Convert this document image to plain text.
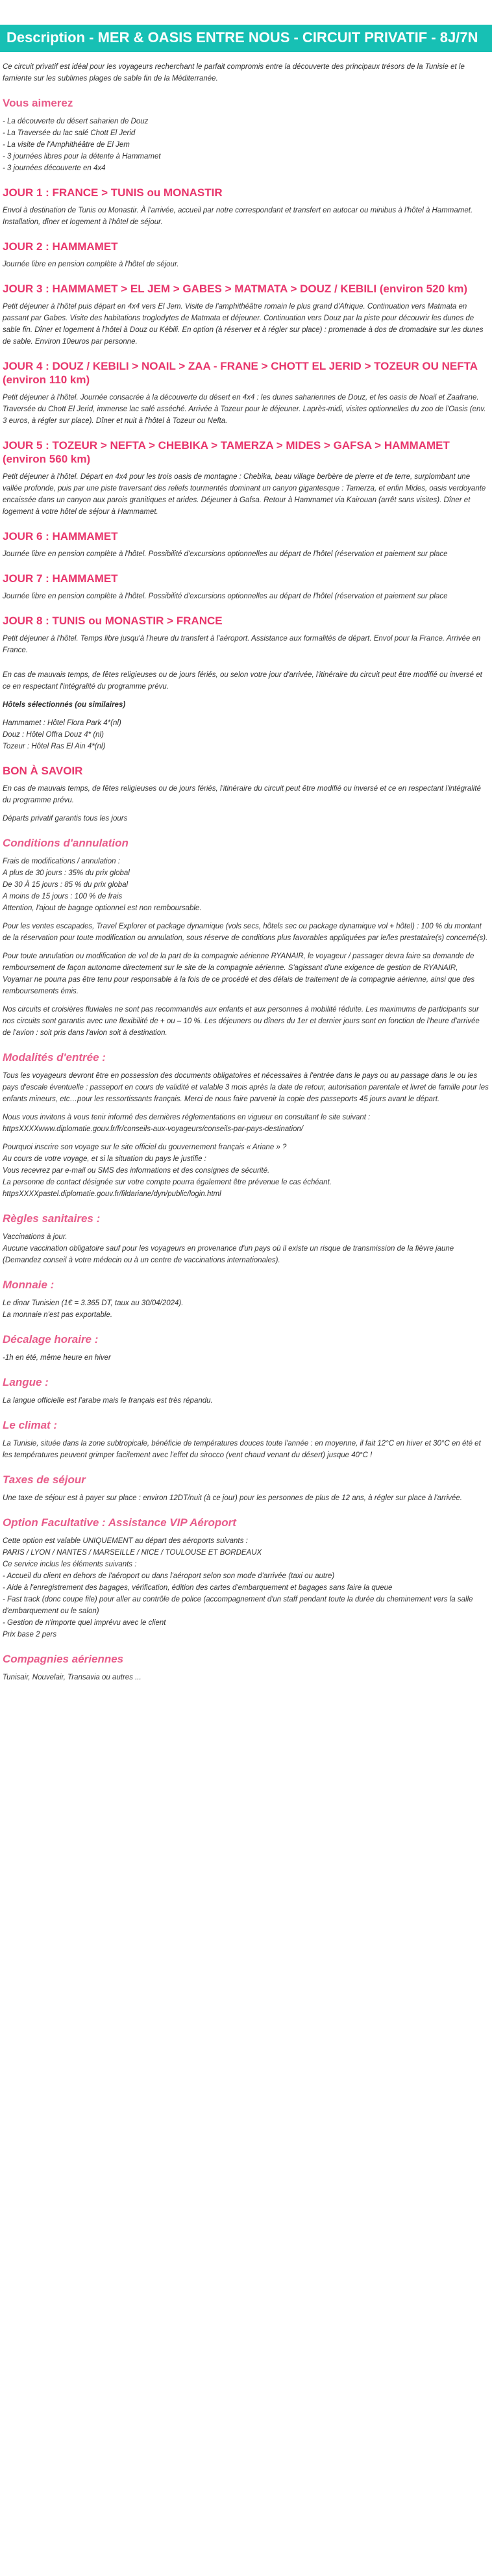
Description - MER & OASIS ENTRE NOUS - CIRCUIT PRIVATIF - 8J/7N

Ce circuit privatif est idéal pour les voyageurs recherchant le parfait compromis entre la découverte des principaux trésors de la Tunisie et le farniente sur les sublimes plages de sable fin de la Méditerranée.

Vous aimerez
- La découverte du désert saharien de Douz
- La Traversée du lac salé Chott El Jerid
- La visite de l'Amphithéâtre de El Jem
- 3 journées libres pour la détente à Hammamet
- 3 journées découverte en 4x4
JOUR 1 : FRANCE > TUNIS ou MONASTIR

Envol à destination de Tunis ou Monastir. À l'arrivée, accueil par notre correspondant et transfert en autocar ou minibus à l'hôtel à Hammamet. Installation, dîner et logement à l'hôtel de séjour.

JOUR 2 : HAMMAMET

Journée libre en pension complète à l'hôtel de séjour.

JOUR 3 : HAMMAMET > EL JEM > GABES > MATMATA > DOUZ / KEBILI (environ 520 km)

Petit déjeuner à l'hôtel puis départ en 4x4 vers El Jem. Visite de l'amphithéâtre romain le plus grand d'Afrique. Continuation vers Matmata en passant par Gabes. Visite des habitations troglodytes de Matmata et déjeuner. Continuation vers Douz par la piste pour découvrir les dunes de sable fin. Dîner et logement à l'hôtel à Douz ou Kébili. En option (à réserver et à régler sur place) : promenade à dos de dromadaire sur les dunes de sable. Environ 10euros par personne.

JOUR 4 : DOUZ / KEBILI > NOAIL > ZAA - FRANE > CHOTT EL JERID > TOZEUR OU NEFTA (environ 110 km)

Petit déjeuner à l'hôtel. Journée consacrée à la découverte du désert en 4x4 : les dunes sahariennes de Douz, et les oasis de Noail et Zaafrane. Traversée du Chott El Jerid, immense lac salé asséché. Arrivée à Tozeur pour le déjeuner. Laprès-midi, visites optionnelles du zoo de l'Oasis (env. 3 euros, à régler sur place). Dîner et nuit à l'hôtel à Tozeur ou Nefta.

JOUR 5 : TOZEUR > NEFTA > CHEBIKA > TAMERZA > MIDES > GAFSA > HAMMAMET (environ 560 km)

Petit déjeuner à l'hôtel. Départ en 4x4 pour les trois oasis de montagne : Chebika, beau village berbère de pierre et de terre, surplombant une vallée profonde, puis par une piste traversant des reliefs tourmentés dominant un canyon gigantesque : Tamerza, et enfin Mides, oasis verdoyante encaissée dans un canyon aux parois granitiques et arides. Déjeuner à Gafsa. Retour à Hammamet via Kairouan (arrêt sans visites). Dîner et logement à votre hôtel de séjour à Hammamet.

JOUR 6 : HAMMAMET

Journée libre en pension complète à l'hôtel. Possibilité d'excursions optionnelles au départ de l'hôtel (réservation et paiement sur place

JOUR 7 : HAMMAMET

Journée libre en pension complète à l'hôtel. Possibilité d'excursions optionnelles au départ de l'hôtel (réservation et paiement sur place

JOUR 8 : TUNIS ou MONASTIR > FRANCE

Petit déjeuner à l'hôtel. Temps libre jusqu'à l'heure du transfert à l'aéroport. Assistance aux formalités de départ. Envol pour la France. Arrivée en France.

En cas de mauvais temps, de fêtes religieuses ou de jours fériés, ou selon votre jour d'arrivée, l'itinéraire du circuit peut être modifié ou inversé et ce en respectant l'intégralité du programme prévu.

Hôtels sélectionnés (ou similaires)

Hammamet : Hôtel Flora Park 4*(nl)
Douz : Hôtel Offra Douz 4* (nl)
Tozeur : Hôtel Ras El Ain 4*(nl)
BON À SAVOIR

En cas de mauvais temps, de fêtes religieuses ou de jours fériés, l'itinéraire du circuit peut être modifié ou inversé et ce en respectant l'intégralité du programme prévu.

Départs privatif garantis tous les jours

Conditions d'annulation
Frais de modifications / annulation :
A plus de 30 jours : 35% du prix global
De 30 À 15 jours : 85 % du prix global
A moins de 15 jours : 100 % de frais
Attention, l'ajout de bagage optionnel est non remboursable.

Pour les ventes escapades, Travel Explorer et package dynamique (vols secs, hôtels sec ou package dynamique vol + hôtel) : 100 % du montant de la réservation pour toute modification ou annulation, sous réserve de conditions plus favorables appliquées par le/les prestataire(s) concerné(s).

Pour toute annulation ou modification de vol de la part de la compagnie aérienne RYANAIR, le voyageur / passager devra faire sa demande de remboursement de façon autonome directement sur le site de la compagnie aérienne. S'agissant d'une exigence de gestion de RYANAIR, Voyamar ne pourra pas être tenu pour responsable à la fois de ce procédé et des délais de traitement de la compagnie aérienne, ainsi que des remboursements émis.

Nos circuits et croisières fluviales ne sont pas recommandés aux enfants et aux personnes à mobilité réduite. Les maximums de participants sur nos circuits sont garantis avec une flexibilité de + ou – 10 %. Les déjeuners ou dîners du 1er et dernier jours sont en fonction de l'heure d'arrivée de l'avion : soit pris dans l'avion soit à destination.

Modalités d'entrée :

Tous les voyageurs devront être en possession des documents obligatoires et nécessaires à l'entrée dans le pays ou au passage dans le ou les pays d'escale éventuelle : passeport en cours de validité et valable 3 mois après la date de retour, autorisation parentale et livret de famille pour les enfants mineurs, etc…pour les ressortissants français. Merci de nous faire parvenir la copie des passeports 45 jours avant le départ.

Nous vous invitons à vous tenir informé des dernières réglementations en vigueur en consultant le site suivant : httpsXXXXwww.diplomatie.gouv.fr/fr/conseils-aux-voyageurs/conseils-par-pays-destination/

Pourquoi inscrire son voyage sur le site officiel du gouvernement français « Ariane » ?
Au cours de votre voyage, et si la situation du pays le justifie :
Vous recevrez par e-mail ou SMS des informations et des consignes de sécurité.
La personne de contact désignée sur votre compte pourra également être prévenue le cas échéant.
httpsXXXXpastel.diplomatie.gouv.fr/fildariane/dyn/public/login.html
Règles sanitaires :
Vaccinations à jour.
Aucune vaccination obligatoire sauf pour les voyageurs en provenance d'un pays où il existe un risque de transmission de la fièvre jaune (Demandez conseil à votre médecin ou à un centre de vaccinations internationales).
Monnaie :
Le dinar Tunisien (1€ = 3.365 DT, taux au 30/04/2024).
La monnaie n'est pas exportable.
Décalage horaire :

-1h en été, même heure en hiver

Langue :

La langue officielle est l'arabe mais le français est très répandu.

Le climat :

La Tunisie, située dans la zone subtropicale, bénéficie de températures douces toute l'année : en moyenne, il fait 12°C en hiver et 30°C en été et les températures peuvent grimper facilement avec l'effet du sirocco (vent chaud venant du désert) jusque 40°C !

Taxes de séjour

Une taxe de séjour est à payer sur place : environ 12DT/nuit (à ce jour) pour les personnes de plus de 12 ans, à régler sur place à l'arrivée.

Option Facultative : Assistance VIP Aéroport
Cette option est valable UNIQUEMENT au départ des aéroports suivants :
PARIS / LYON / NANTES / MARSEILLE / NICE / TOULOUSE ET BORDEAUX
Ce service inclus les éléments suivants :
- Accueil du client en dehors de l'aéroport ou dans l'aéroport selon son mode d'arrivée (taxi ou autre)
- Aide à l'enregistrement des bagages, vérification, édition des cartes d'embarquement et bagages sans faire la queue
- Fast track (donc coupe file) pour aller au contrôle de police (accompagnement d'un staff pendant toute la durée du cheminement vers la salle d'embarquement ou le salon)
- Gestion de n'importe quel imprévu avec le client
Prix base 2 pers
Compagnies aériennes

Tunisair, Nouvelair, Transavia ou autres ...
